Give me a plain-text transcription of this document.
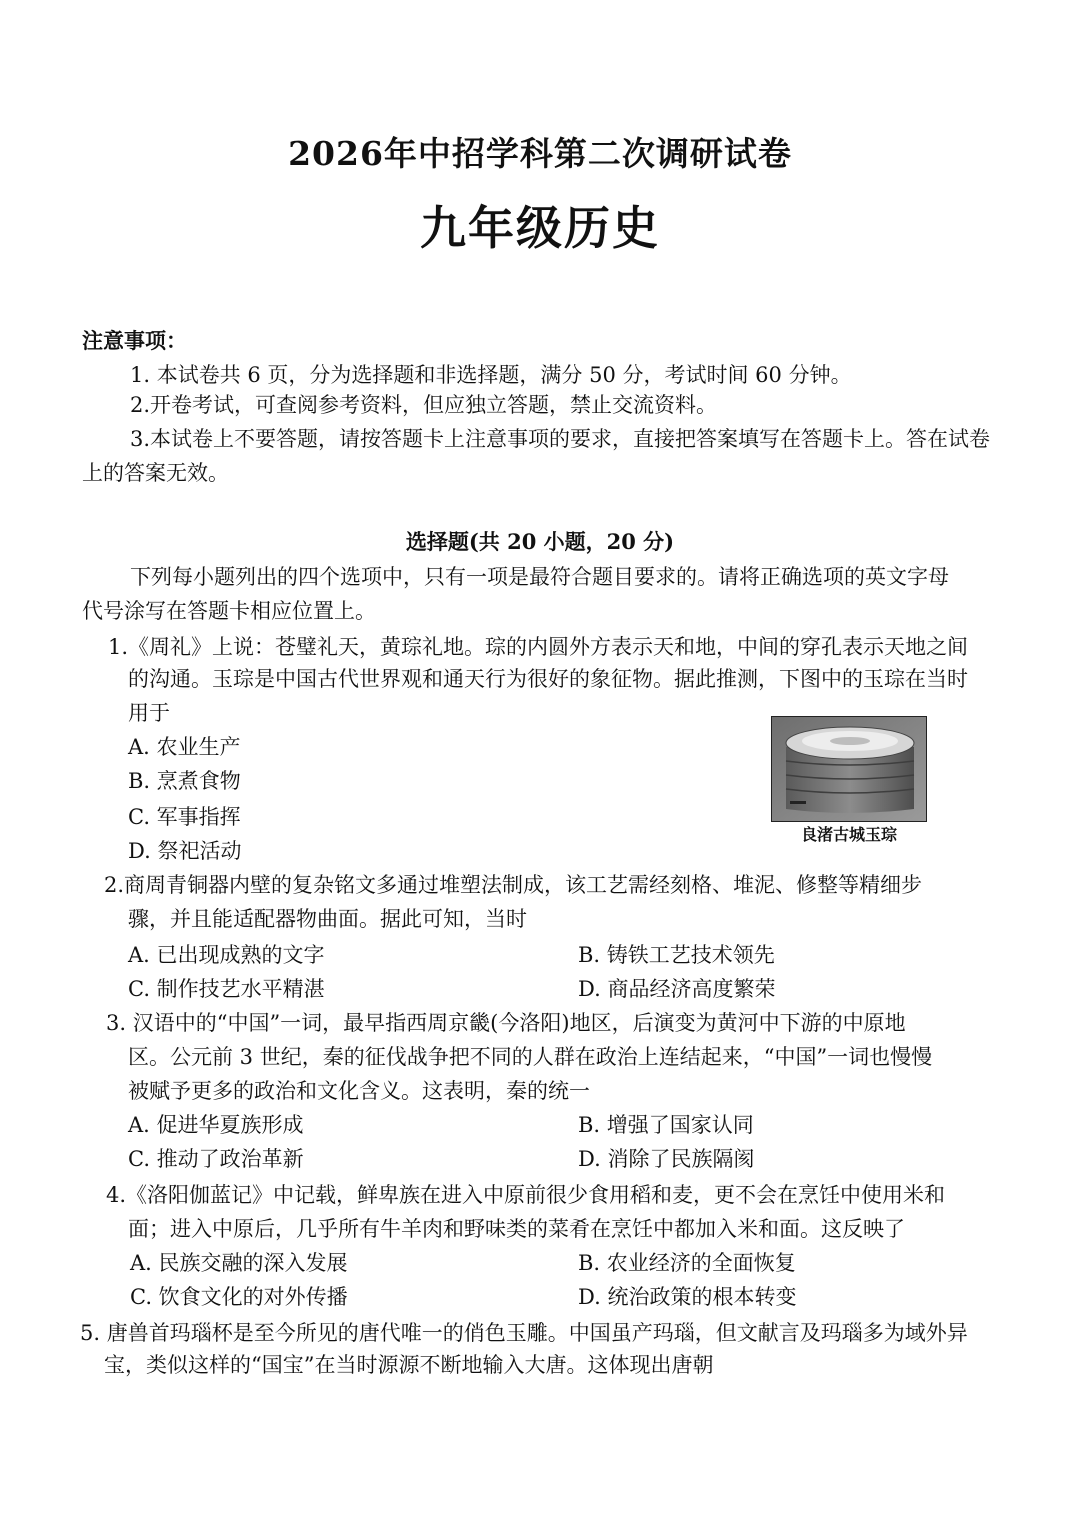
2026年中招学科第二次调研试卷
九年级历史
注意事项：
1. 本试卷共 6 页，分为选择题和非选择题，满分 50 分，考试时间 60 分钟。
2.开卷考试，可查阅参考资料，但应独立答题，禁止交流资料。
3.本试卷上不要答题，请按答题卡上注意事项的要求，直接把答案填写在答题卡上。答在试卷
上的答案无效。
选择题(共 20 小题，20 分)
下列每小题列出的四个选项中，只有一项是最符合题目要求的。请将正确选项的英文字母
代号涂写在答题卡相应位置上。
1.《周礼》上说：苍璧礼天，黄琮礼地。琮的内圆外方表示天和地，中间的穿孔表示天地之间
的沟通。玉琮是中国古代世界观和通天行为很好的象征物。据此推测，下图中的玉琮在当时
用于
A. 农业生产
B. 烹煮食物
C. 军事指挥
D. 祭祀活动
良渚古城玉琮
2.商周青铜器内壁的复杂铭文多通过堆塑法制成，该工艺需经刻格、堆泥、修整等精细步
骤，并且能适配器物曲面。据此可知，当时
A. 已出现成熟的文字	B. 铸铁工艺技术领先
C. 制作技艺水平精湛	D. 商品经济高度繁荣
3. 汉语中的“中国”一词，最早指西周京畿(今洛阳)地区，后演变为黄河中下游的中原地
区。公元前 3 世纪，秦的征伐战争把不同的人群在政治上连结起来，“中国”一词也慢慢
被赋予更多的政治和文化含义。这表明，秦的统一
A. 促进华夏族形成	B. 增强了国家认同
C. 推动了政治革新	D. 消除了民族隔阂
4.《洛阳伽蓝记》中记载，鲜卑族在进入中原前很少食用稻和麦，更不会在烹饪中使用米和
面；进入中原后，几乎所有牛羊肉和野味类的菜肴在烹饪中都加入米和面。这反映了
A. 民族交融的深入发展	B. 农业经济的全面恢复
C. 饮食文化的对外传播	D. 统治政策的根本转变
5. 唐兽首玛瑙杯是至今所见的唐代唯一的俏色玉雕。中国虽产玛瑙，但文献言及玛瑙多为域外异
宝，类似这样的“国宝”在当时源源不断地输入大唐。这体现出唐朝
